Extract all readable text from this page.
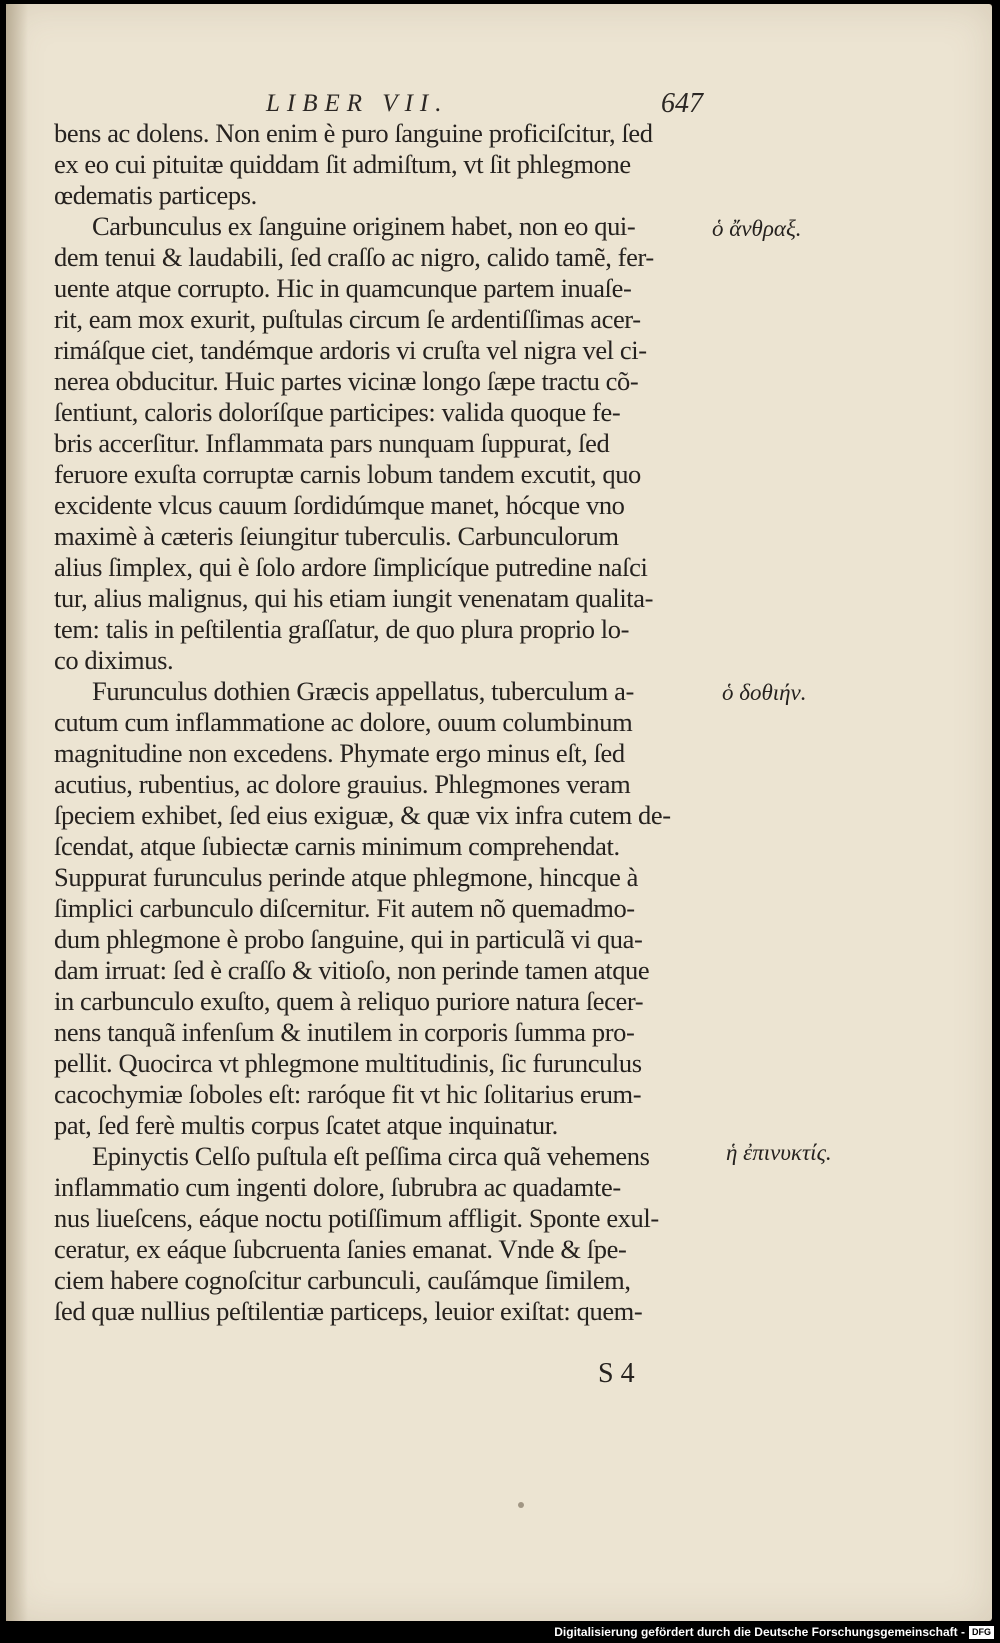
LIBER VII.	647
bens ac dolens. Non enim è puro ſanguine proficiſcitur, ſed
ex eo cui pituitæ quiddam ſit admiſtum, vt ſit phlegmone
œdematis particeps.
Carbunculus ex ſanguine originem habet, non eo qui-
dem tenui & laudabili, ſed craſſo ac nigro, calido tamẽ, fer-
uente atque corrupto. Hic in quamcunque partem inuaſe-
rit, eam mox exurit, puſtulas circum ſe ardentiſſimas acer-
rimáſque ciet, tandémque ardoris vi cruſta vel nigra vel ci-
nerea obducitur. Huic partes vicinæ longo ſæpe tractu cõ-
ſentiunt, caloris doloríſque participes: valida quoque fe-
bris accerſitur. Inflammata pars nunquam ſuppurat, ſed
feruore exuſta corruptæ carnis lobum tandem excutit, quo
excidente vlcus cauum ſordidúmque manet, hócque vno
maximè à cæteris ſeiungitur tuberculis. Carbunculorum
alius ſimplex, qui è ſolo ardore ſimplicíque putredine naſci
tur, alius malignus, qui his etiam iungit venenatam qualita-
tem: talis in peſtilentia graſſatur, de quo plura proprio lo-
co diximus.
Furunculus dothien Græcis appellatus, tuberculum a-
cutum cum inflammatione ac dolore, ouum columbinum
magnitudine non excedens. Phymate ergo minus eſt, ſed
acutius, rubentius, ac dolore grauius. Phlegmones veram
ſpeciem exhibet, ſed eius exiguæ, & quæ vix infra cutem de-
ſcendat, atque ſubiectæ carnis minimum comprehendat.
Suppurat furunculus perinde atque phlegmone, hincque à
ſimplici carbunculo diſcernitur. Fit autem nõ quemadmo-
dum phlegmone è probo ſanguine, qui in particulã vi qua-
dam irruat: ſed è craſſo & vitioſo, non perinde tamen atque
in carbunculo exuſto, quem à reliquo puriore natura ſecer-
nens tanquã infenſum & inutilem in corporis ſumma pro-
pellit. Quocirca vt phlegmone multitudinis, ſic furunculus
cacochymiæ ſoboles eſt: raróque fit vt hic ſolitarius erum-
pat, ſed ferè multis corpus ſcatet atque inquinatur.
Epinyctis Celſo puſtula eſt peſſima circa quã vehemens
inflammatio cum ingenti dolore, ſubrubra ac quadamte-
nus liueſcens, eáque noctu potiſſimum affligit. Sponte exul-
ceratur, ex eáque ſubcruenta ſanies emanat. Vnde & ſpe-
ciem habere cognoſcitur carbunculi, cauſámque ſimilem,
ſed quæ nullius peſtilentiæ particeps, leuior exiſtat: quem-
ὁ ἄνθραξ.
ὁ δοθιήν.
ἡ ἐπινυκτίς.
S 4
Digitalisierung gefördert durch die Deutsche Forschungsgemeinschaft - DFG
